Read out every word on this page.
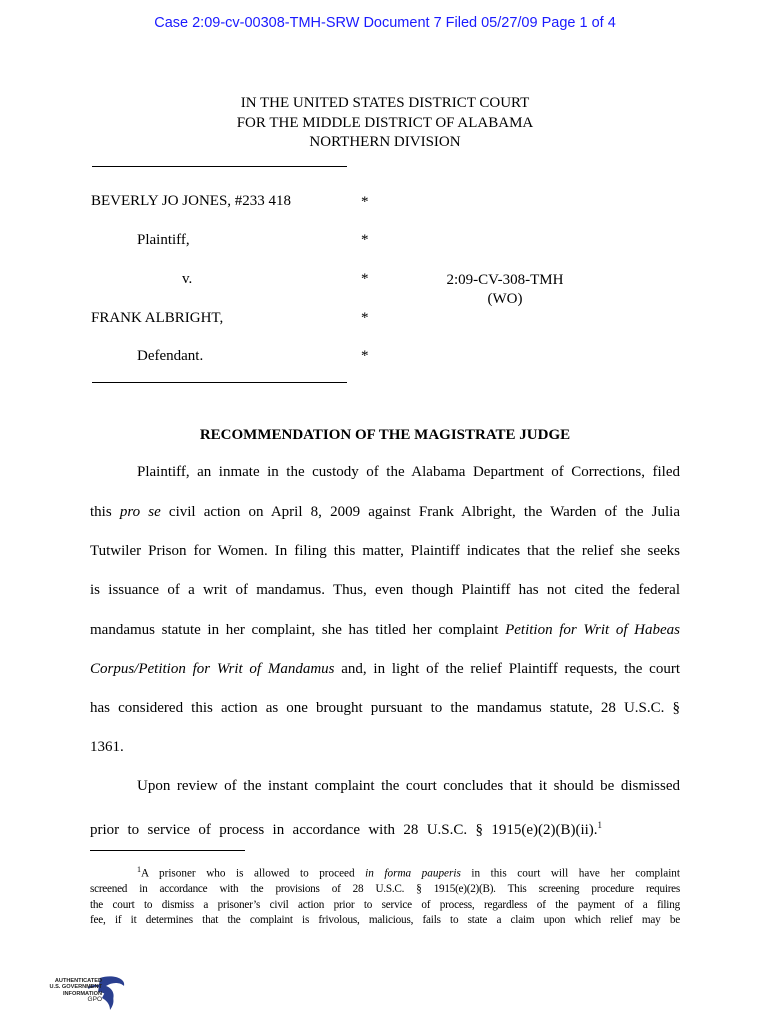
Case 2:09-cv-00308-TMH-SRW Document 7 Filed 05/27/09 Page 1 of 4
IN THE UNITED STATES DISTRICT COURT
FOR THE MIDDLE DISTRICT OF ALABAMA
NORTHERN DIVISION
BEVERLY JO JONES, #233 418	*
Plaintiff,	*
v.	*	2:09-CV-308-TMH
(WO)
FRANK ALBRIGHT,	*
Defendant.	*
RECOMMENDATION OF THE MAGISTRATE JUDGE
Plaintiff, an inmate in the custody of the Alabama Department of Corrections, filed
this pro se civil action on April 8, 2009 against Frank Albright, the Warden of the Julia
Tutwiler Prison for Women. In filing this matter, Plaintiff indicates that the relief she seeks
is issuance of a writ of mandamus. Thus, even though Plaintiff has not cited the federal
mandamus statute in her complaint, she has titled her complaint Petition for Writ of Habeas
Corpus/Petition for Writ of Mandamus and, in light of the relief Plaintiff requests, the court
has considered this action as one brought pursuant to the mandamus statute, 28 U.S.C. §
1361.
Upon review of the instant complaint the court concludes that it should be dismissed
prior to service of process in accordance with 28 U.S.C. § 1915(e)(2)(B)(ii).$^1$
$^1$A prisoner who is allowed to proceed in forma pauperis in this court will have her complaint
screened in accordance with the provisions of 28 U.S.C. § 1915(e)(2)(B). This screening procedure requires
the court to dismiss a prisoner’s civil action prior to service of process, regardless of the payment of a filing
fee, if it determines that the complaint is frivolous, malicious, fails to state a claim upon which relief may be
AUTHENTICATED
U.S. GOVERNMENT
INFORMATION
GPO
